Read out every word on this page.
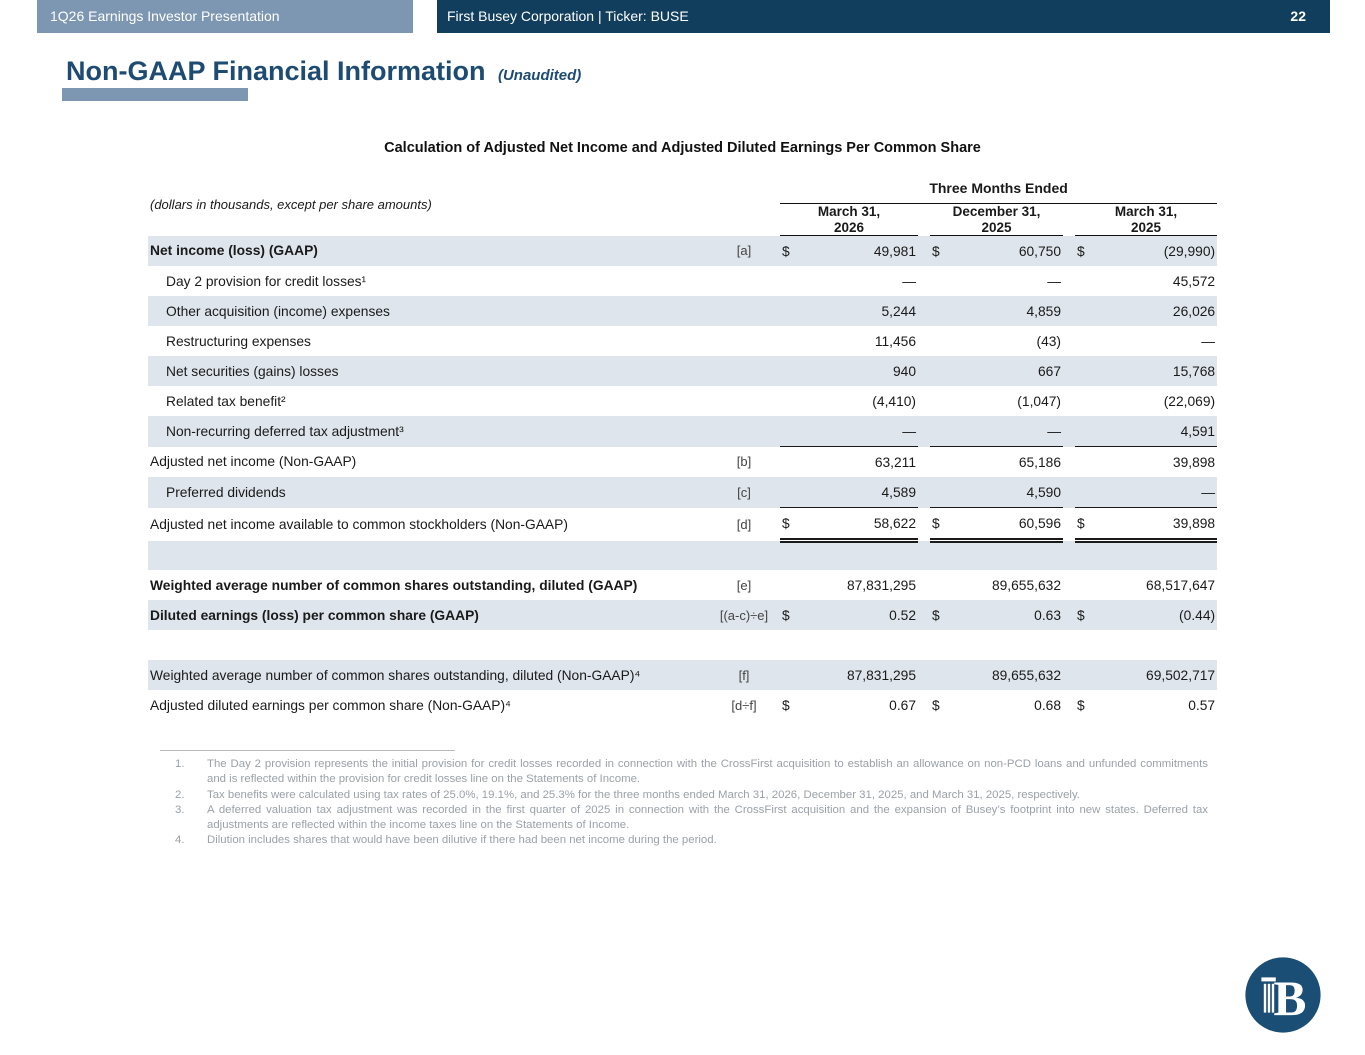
1Q26 Earnings Investor Presentation	First Busey Corporation | Ticker: BUSE	22
Non-GAAP Financial Information (Unaudited)
Calculation of Adjusted Net Income and Adjusted Diluted Earnings Per Common Share
(dollars in thousands, except per share amounts)		Three Months Ended							

March 31,
2026

December 31,
2025

March 31,
2025

Net income (loss) (GAAP)	[a]	$	49,981		$	60,750		$	(29,990)
Day 2 provision for credit losses¹			—			—			45,572
Other acquisition (income) expenses			5,244			4,859			26,026
Restructuring expenses			11,456			(43)			—
Net securities (gains) losses			940			667			15,768
Related tax benefit²			(4,410)			(1,047)			(22,069)
Non-recurring deferred tax adjustment³			—			—			4,591
Adjusted net income (Non-GAAP)	[b]		63,211			65,186			39,898
Preferred dividends	[c]		4,589			4,590			—
Adjusted net income available to common stockholders (Non-GAAP)	[d]	$	58,622		$	60,596		$	39,898

Weighted average number of common shares outstanding, diluted (GAAP)	[e]		87,831,295			89,655,632			68,517,647
Diluted earnings (loss) per common share (GAAP)	[(a-c)÷e]	$	0.52		$	0.63		$	(0.44)

Weighted average number of common shares outstanding, diluted (Non-GAAP)⁴	[f]		87,831,295			89,655,632			69,502,717
Adjusted diluted earnings per common share (Non-GAAP)⁴	[d÷f]	$	0.67		$	0.68		$	0.57
1.	The Day 2 provision represents the initial provision for credit losses recorded in connection with the CrossFirst acquisition to establish an allowance on non-PCD loans and unfunded commitments and is reflected within the provision for credit losses line on the Statements of Income.
2.	Tax benefits were calculated using tax rates of 25.0%, 19.1%, and 25.3% for the three months ended March 31, 2026, December 31, 2025, and March 31, 2025, respectively.
3.	A deferred valuation tax adjustment was recorded in the first quarter of 2025 in connection with the CrossFirst acquisition and the expansion of Busey’s footprint into new states. Deferred tax adjustments are reflected within the income taxes line on the Statements of Income.
4.	Dilution includes shares that would have been dilutive if there had been net income during the period.
B
